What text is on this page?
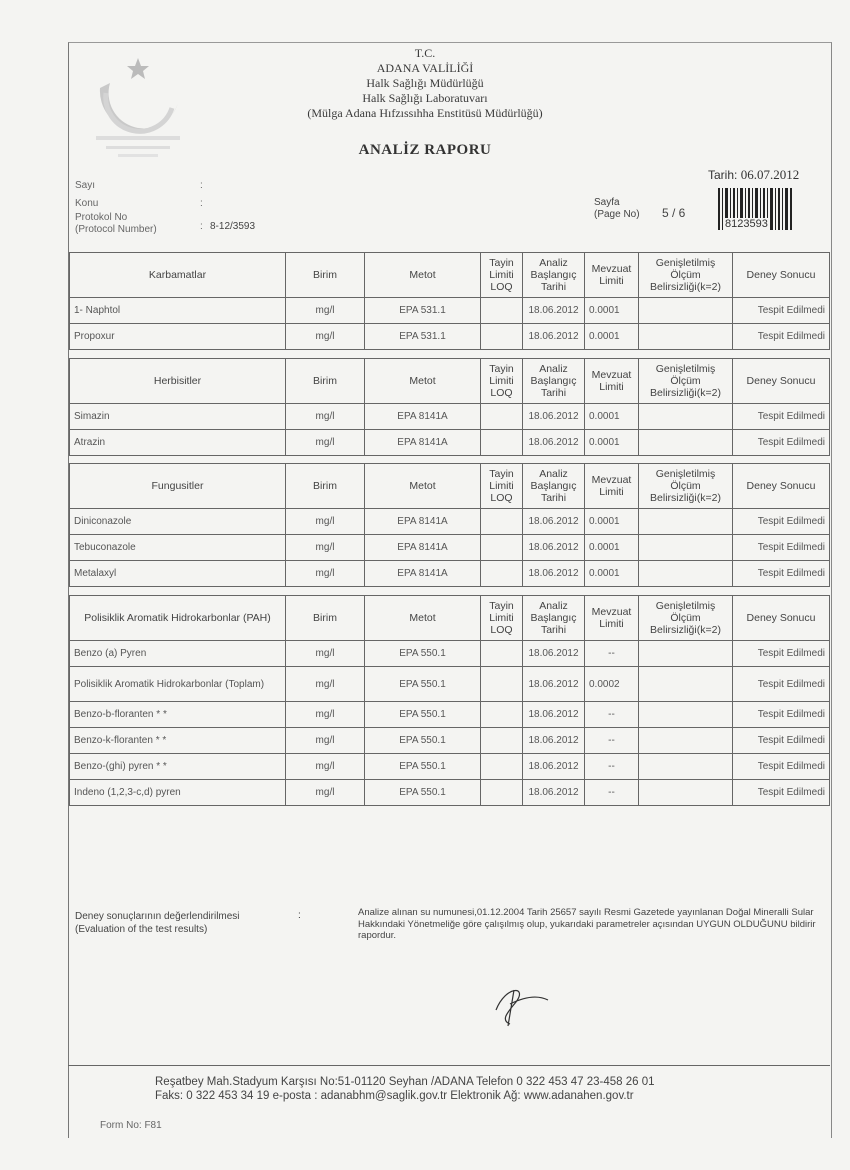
T.C.
ADANA VALİLİĞİ
Halk Sağlığı Müdürlüğü
Halk Sağlığı Laboratuvarı
(Mülga Adana Hıfzıssıhha Enstitüsü Müdürlüğü)
ANALİZ RAPORU
Tarih: 06.07.2012
Sayı	:
Konu	:
Protokol No
(Protocol Number)	: 8-12/3593
Sayfa
(Page No) 5 / 6
8123593
Karbamatlar	Birim	Metot	Tayin Limiti LOQ	Analiz Başlangıç Tarihi	Mevzuat Limiti	Genişletilmiş Ölçüm Belirsizliği(k=2)	Deney Sonucu
1- Naphtol	mg/l	EPA 531.1		18.06.2012	0.0001		Tespit Edilmedi
Propoxur	mg/l	EPA 531.1		18.06.2012	0.0001		Tespit Edilmedi
Herbisitler	Birim	Metot	Tayin Limiti LOQ	Analiz Başlangıç Tarihi	Mevzuat Limiti	Genişletilmiş Ölçüm Belirsizliği(k=2)	Deney Sonucu
Simazin	mg/l	EPA 8141A		18.06.2012	0.0001		Tespit Edilmedi
Atrazin	mg/l	EPA 8141A		18.06.2012	0.0001		Tespit Edilmedi
Fungusitler	Birim	Metot	Tayin Limiti LOQ	Analiz Başlangıç Tarihi	Mevzuat Limiti	Genişletilmiş Ölçüm Belirsizliği(k=2)	Deney Sonucu
Diniconazole	mg/l	EPA 8141A		18.06.2012	0.0001		Tespit Edilmedi
Tebuconazole	mg/l	EPA 8141A		18.06.2012	0.0001		Tespit Edilmedi
Metalaxyl	mg/l	EPA 8141A		18.06.2012	0.0001		Tespit Edilmedi
Polisiklik Aromatik Hidrokarbonlar (PAH)	Birim	Metot	Tayin Limiti LOQ	Analiz Başlangıç Tarihi	Mevzuat Limiti	Genişletilmiş Ölçüm Belirsizliği(k=2)	Deney Sonucu
Benzo (a) Pyren	mg/l	EPA 550.1		18.06.2012	--		Tespit Edilmedi
Polisiklik Aromatik Hidrokarbonlar (Toplam)	mg/l	EPA 550.1		18.06.2012	0.0002		Tespit Edilmedi
Benzo-b-floranten * *	mg/l	EPA 550.1		18.06.2012	--		Tespit Edilmedi
Benzo-k-floranten * *	mg/l	EPA 550.1		18.06.2012	--		Tespit Edilmedi
Benzo-(ghi) pyren * *	mg/l	EPA 550.1		18.06.2012	--		Tespit Edilmedi
Indeno (1,2,3-c,d) pyren	mg/l	EPA 550.1		18.06.2012	--		Tespit Edilmedi
Deney sonuçlarının değerlendirilmesi
(Evaluation of the test results)
:	Analize alınan su numunesi,01.12.2004 Tarih 25657 sayılı Resmi Gazetede yayınlanan Doğal Mineralli Sular Hakkındaki Yönetmeliğe göre çalışılmış olup, yukarıdaki parametreler açısından UYGUN OLDUĞUNU bildirir rapordur.
Reşatbey Mah.Stadyum Karşısı No:51-01120 Seyhan /ADANA Telefon 0 322 453 47 23-458 26 01
Faks: 0 322 453 34 19 e-posta : adanabhm@saglik.gov.tr Elektronik Ağ: www.adanahen.gov.tr
Form No: F81
